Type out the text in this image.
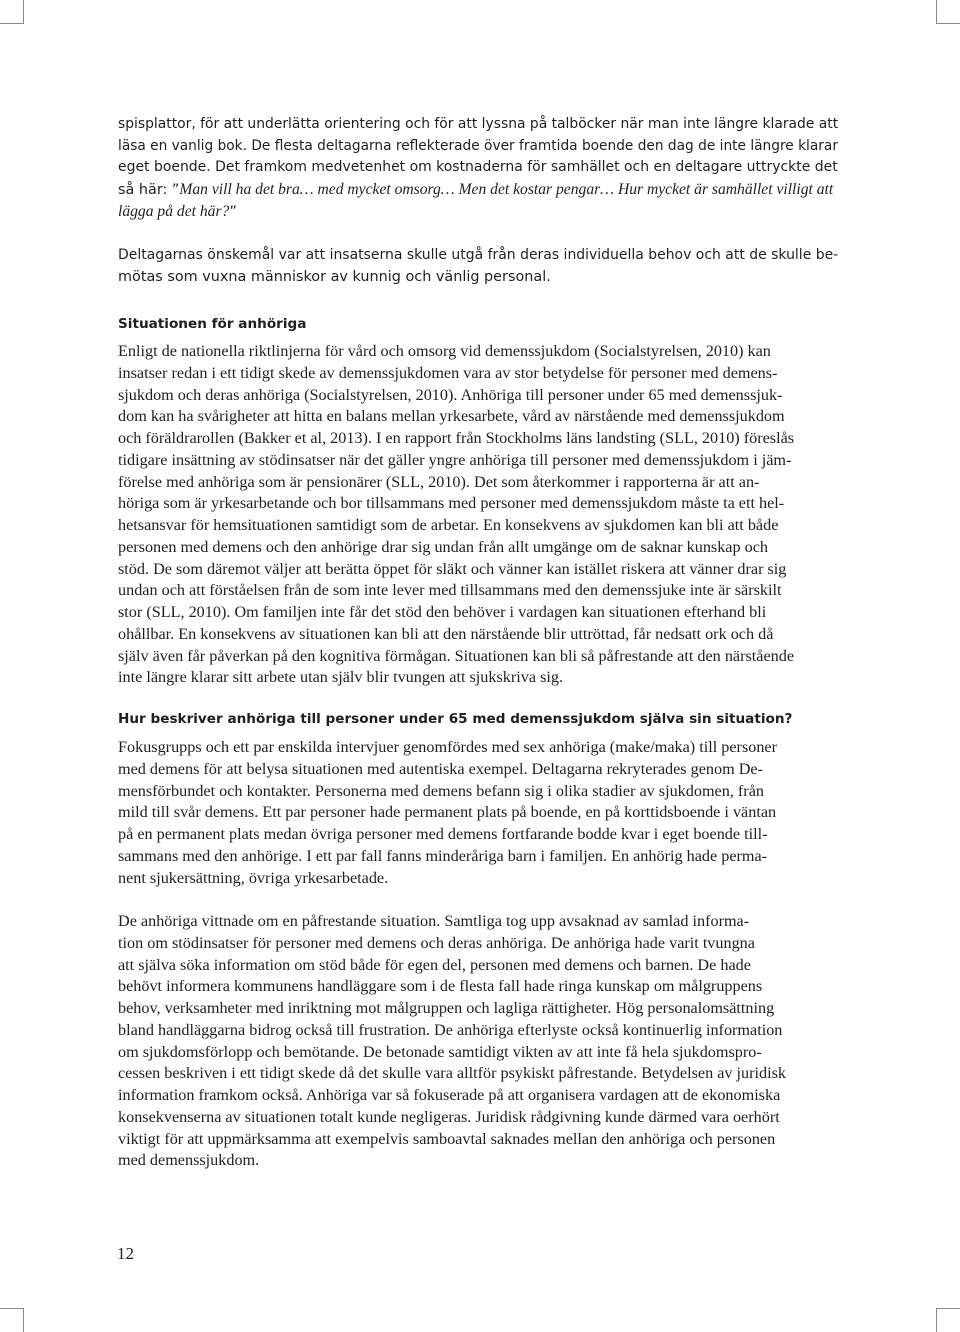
spisplattor, för att underlätta orientering och för att lyssna på talböcker när man inte längre klarade att
läsa en vanlig bok. De flesta deltagarna reflekterade över framtida boende den dag de inte längre klarar
eget boende. Det framkom medvetenhet om kostnaderna för samhället och en deltagare uttryckte det
så här: ”Man vill ha det bra… med mycket omsorg… Men det kostar pengar… Hur mycket är samhället villigt att
lägga på det här?”
Deltagarnas önskemål var att insatserna skulle utgå från deras individuella behov och att de skulle be-
mötas som vuxna människor av kunnig och vänlig personal.
Situationen för anhöriga
Enligt de nationella riktlinjerna för vård och omsorg vid demenssjukdom (Socialstyrelsen, 2010) kan
insatser redan i ett tidigt skede av demenssjukdomen vara av stor betydelse för personer med demens-
sjukdom och deras anhöriga (Socialstyrelsen, 2010). Anhöriga till personer under 65 med demenssjuk-
dom kan ha svårigheter att hitta en balans mellan yrkesarbete, vård av närstående med demenssjukdom
och föräldrarollen (Bakker et al, 2013). I en rapport från Stockholms läns landsting (SLL, 2010) föreslås
tidigare insättning av stödinsatser när det gäller yngre anhöriga till personer med demenssjukdom i jäm-
förelse med anhöriga som är pensionärer (SLL, 2010). Det som återkommer i rapporterna är att an-
höriga som är yrkesarbetande och bor tillsammans med personer med demenssjukdom måste ta ett hel-
hetsansvar för hemsituationen samtidigt som de arbetar. En konsekvens av sjukdomen kan bli att både
personen med demens och den anhörige drar sig undan från allt umgänge om de saknar kunskap och
stöd. De som däremot väljer att berätta öppet för släkt och vänner kan istället riskera att vänner drar sig
undan och att förståelsen från de som inte lever med tillsammans med den demenssjuke inte är särskilt
stor (SLL, 2010). Om familjen inte får det stöd den behöver i vardagen kan situationen efterhand bli
ohållbar. En konsekvens av situationen kan bli att den närstående blir uttröttad, får nedsatt ork och då
själv även får påverkan på den kognitiva förmågan. Situationen kan bli så påfrestande att den närstående
inte längre klarar sitt arbete utan själv blir tvungen att sjukskriva sig.
Hur beskriver anhöriga till personer under 65 med demenssjukdom själva sin situation?
Fokusgrupps och ett par enskilda intervjuer genomfördes med sex anhöriga (make/maka) till personer
med demens för att belysa situationen med autentiska exempel. Deltagarna rekryterades genom De-
mensförbundet och kontakter. Personerna med demens befann sig i olika stadier av sjukdomen, från
mild till svår demens. Ett par personer hade permanent plats på boende, en på korttidsboende i väntan
på en permanent plats medan övriga personer med demens fortfarande bodde kvar i eget boende till-
sammans med den anhörige. I ett par fall fanns minderåriga barn i familjen. En anhörig hade perma-
nent sjukersättning, övriga yrkesarbetade.
De anhöriga vittnade om en påfrestande situation. Samtliga tog upp avsaknad av samlad informa-
tion om stödinsatser för personer med demens och deras anhöriga. De anhöriga hade varit tvungna
att själva söka information om stöd både för egen del, personen med demens och barnen. De hade
behövt informera kommunens handläggare som i de flesta fall hade ringa kunskap om målgruppens
behov, verksamheter med inriktning mot målgruppen och lagliga rättigheter. Hög personalomsättning
bland handläggarna bidrog också till frustration. De anhöriga efterlyste också kontinuerlig information
om sjukdomsförlopp och bemötande. De betonade samtidigt vikten av att inte få hela sjukdomspro-
cessen beskriven i ett tidigt skede då det skulle vara alltför psykiskt påfrestande. Betydelsen av juridisk
information framkom också. Anhöriga var så fokuserade på att organisera vardagen att de ekonomiska
konsekvenserna av situationen totalt kunde negligeras. Juridisk rådgivning kunde därmed vara oerhört
viktigt för att uppmärksamma att exempelvis samboavtal saknades mellan den anhöriga och personen
med demenssjukdom.
12
